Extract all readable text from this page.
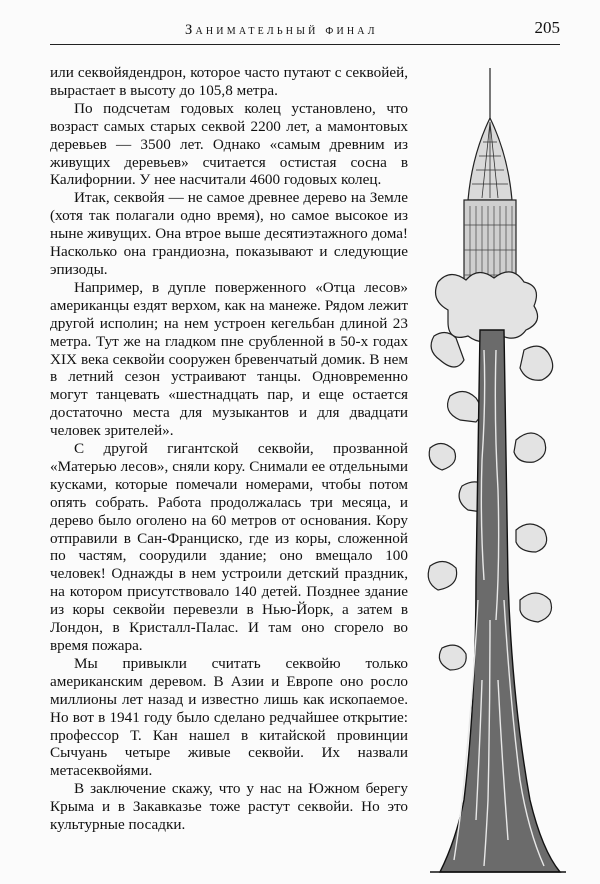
Занимательный финал	205

или секвойядендрон, которое часто путают с секвойей, вырастает в высоту до 105,8 метра.

По подсчетам годовых колец установлено, что возраст самых старых секвой 2200 лет, а мамонтовых деревьев — 3500 лет. Однако «самым древним из живущих деревьев» считается остистая сосна в Калифорнии. У нее насчитали 4600 годовых колец.

Итак, секвойя — не самое древнее дерево на Земле (хотя так полагали одно время), но самое высокое из ныне живущих. Она втрое выше десятиэтажного дома! Насколько она грандиозна, показывают и следующие эпизоды.

Например, в дупле поверженного «Отца лесов» американцы ездят верхом, как на манеже. Рядом лежит другой исполин; на нем устроен кегельбан длиной 23 метра. Тут же на гладком пне срубленной в 50-х годах XIX века секвойи сооружен бревенчатый домик. В нем в летний сезон устраивают танцы. Одновременно могут танцевать «шестнадцать пар, и еще остается достаточно места для музыкантов и для двадцати человек зрителей».

С другой гигантской секвойи, прозванной «Матерью лесов», сняли кору. Снимали ее отдельными кусками, которые помечали номерами, чтобы потом опять собрать. Работа продолжалась три месяца, и дерево было оголено на 60 метров от основания. Кору отправили в Сан-Франциско, где из коры, сложенной по частям, соорудили здание; оно вмещало 100 человек! Однажды в нем устроили детский праздник, на котором присутствовало 140 детей. Позднее здание из коры секвойи перевезли в Нью-Йорк, а затем в Лондон, в Кристалл-Палас. И там оно сгорело во время пожара.

Мы привыкли считать секвойю только американским деревом. В Азии и Европе оно росло миллионы лет назад и известно лишь как ископаемое. Но вот в 1941 году было сделано редчайшее открытие: профессор Т. Кан нашел в китайской провинции Сычуань четыре живые секвойи. Их назвали метасеквойями.

В заключение скажу, что у нас на Южном берегу Крыма и в Закавказье тоже растут секвойи. Но это культурные посадки.
